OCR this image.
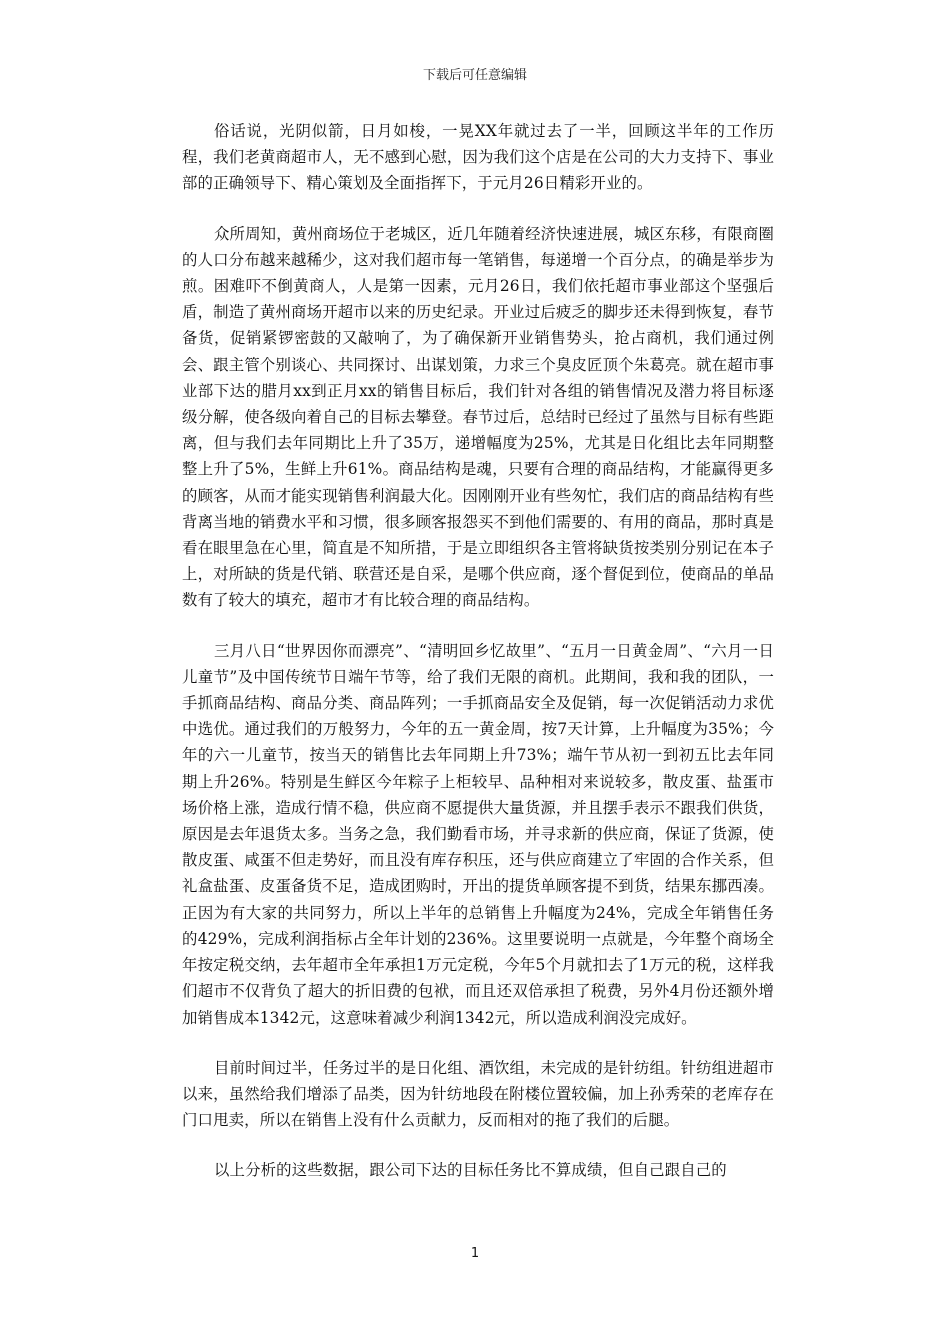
下载后可任意编辑

俗话说，光阴似箭，日月如梭，一晃XX年就过去了一半，回顾这半年的工作历程，我们老黄商超市人，无不感到心慰，因为我们这个店是在公司的大力支持下、事业部的正确领导下、精心策划及全面指挥下，于元月26日精彩开业的。

众所周知，黄州商场位于老城区，近几年随着经济快速进展，城区东移，有限商圈的人口分布越来越稀少，这对我们超市每一笔销售，每递增一个百分点，的确是举步为煎。困难吓不倒黄商人，人是第一因素，元月26日，我们依托超市事业部这个坚强后盾，制造了黄州商场开超市以来的历史纪录。开业过后疲乏的脚步还未得到恢复，春节备货，促销紧锣密鼓的又敲响了，为了确保新开业销售势头，抢占商机，我们通过例会、跟主管个别谈心、共同探讨、出谋划策，力求三个臭皮匠顶个朱葛亮。就在超市事业部下达的腊月xx到正月xx的销售目标后，我们针对各组的销售情况及潜力将目标逐级分解，使各级向着自己的目标去攀登。春节过后，总结时已经过了虽然与目标有些距离，但与我们去年同期比上升了35万，递增幅度为25%，尤其是日化组比去年同期整整上升了5%，生鲜上升61%。商品结构是魂，只要有合理的商品结构，才能赢得更多的顾客，从而才能实现销售利润最大化。因刚刚开业有些匆忙，我们店的商品结构有些背离当地的销费水平和习惯，很多顾客报怨买不到他们需要的、有用的商品，那时真是看在眼里急在心里，简直是不知所措，于是立即组织各主管将缺货按类别分别记在本子上，对所缺的货是代销、联营还是自采，是哪个供应商，逐个督促到位，使商品的单品数有了较大的填充，超市才有比较合理的商品结构。

三月八日“世界因你而漂亮”、“清明回乡忆故里”、“五月一日黄金周”、“六月一日儿童节”及中国传统节日端午节等，给了我们无限的商机。此期间，我和我的团队，一手抓商品结构、商品分类、商品阵列；一手抓商品安全及促销，每一次促销活动力求优中选优。通过我们的万般努力，今年的五一黄金周，按7天计算，上升幅度为35%；今年的六一儿童节，按当天的销售比去年同期上升73%；端午节从初一到初五比去年同期上升26%。特别是生鲜区今年粽子上柜较早、品种相对来说较多，散皮蛋、盐蛋市场价格上涨，造成行情不稳，供应商不愿提供大量货源，并且摆手表示不跟我们供货，原因是去年退货太多。当务之急，我们勤看市场，并寻求新的供应商，保证了货源，使散皮蛋、咸蛋不但走势好，而且没有库存积压，还与供应商建立了牢固的合作关系，但礼盒盐蛋、皮蛋备货不足，造成团购时，开出的提货单顾客提不到货，结果东挪西凑。正因为有大家的共同努力，所以上半年的总销售上升幅度为24%，完成全年销售任务的429%，完成利润指标占全年计划的236%。这里要说明一点就是，今年整个商场全年按定税交纳，去年超市全年承担1万元定税，今年5个月就扣去了1万元的税，这样我们超市不仅背负了超大的折旧费的包袱，而且还双倍承担了税费，另外4月份还额外增加销售成本1342元，这意味着减少利润1342元，所以造成利润没完成好。

目前时间过半，任务过半的是日化组、酒饮组，未完成的是针纺组。针纺组进超市以来，虽然给我们增添了品类，因为针纺地段在附楼位置较偏，加上孙秀荣的老库存在门口甩卖，所以在销售上没有什么贡献力，反而相对的拖了我们的后腿。

以上分析的这些数据，跟公司下达的目标任务比不算成绩，但自己跟自己的

1
